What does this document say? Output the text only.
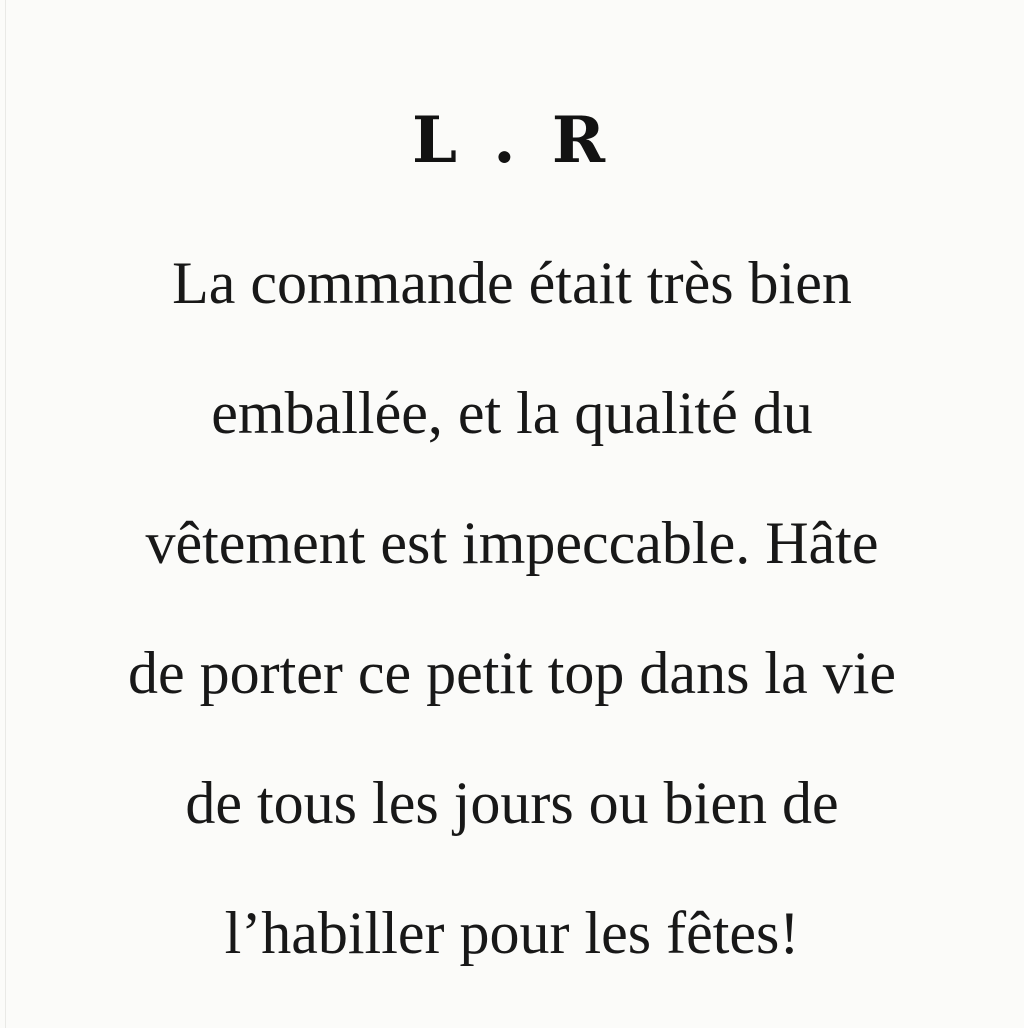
L . R
La commande était très bien
emballée, et la qualité du
vêtement est impeccable. Hâte
de porter ce petit top dans la vie
de tous les jours ou bien de
l’habiller pour les fêtes!
